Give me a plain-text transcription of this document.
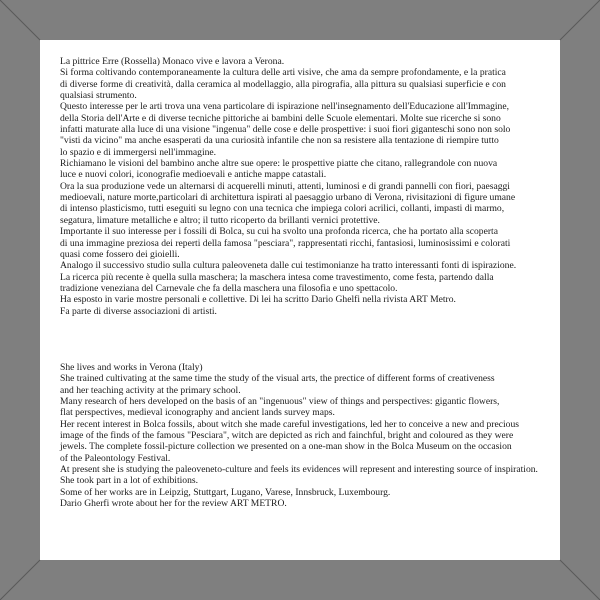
La pittrice Erre (Rossella) Monaco vive e lavora a Verona.

Si forma coltivando contemporaneamente la cultura delle arti visive, che ama da sempre profondamente, e la pratica

di diverse forme di creatività, dalla ceramica al modellaggio, alla pirografia, alla pittura su qualsiasi superficie e con

qualsiasi strumento.

Questo interesse per le arti trova una vena particolare di ispirazione nell'insegnamento dell'Educazione all'Immagine,

della Storia dell'Arte e di diverse tecniche pittoriche ai bambini delle Scuole elementari. Molte sue ricerche si sono

infatti maturate alla luce di una visione "ingenua" delle cose e delle prospettive: i suoi fiori giganteschi sono non solo

"visti da vicino" ma anche esasperati da una curiosità infantile che non sa resistere alla tentazione di riempire tutto

lo spazio e di immergersi nell'immagine.

Richiamano le visioni del bambino anche altre sue opere: le prospettive piatte che citano, rallegrandole con nuova

luce e nuovi colori, iconografie medioevali e antiche mappe catastali.

Ora la sua produzione vede un alternarsi di acquerelli minuti, attenti, luminosi e di grandi pannelli con fiori, paesaggi

medioevali, nature morte,particolari di architettura ispirati al paesaggio urbano di Verona, rivisitazioni di figure umane

di intenso plasticismo, tutti eseguiti su legno con una tecnica che impiega colori acrilici, collanti, impasti di marmo,

segatura, limature metalliche e altro; il tutto ricoperto da brillanti vernici protettive.

Importante il suo interesse per i fossili di Bolca, su cui ha svolto una profonda ricerca, che ha portato alla scoperta

di una immagine preziosa dei reperti della famosa "pesciara", rappresentati ricchi, fantasiosi, luminosissimi e colorati

quasi come fossero dei gioielli.

Analogo il successivo studio sulla cultura paleoveneta dalle cui testimonianze ha tratto interessanti fonti di ispirazione.

La ricerca più recente è quella sulla maschera; la maschera intesa come travestimento, come festa, partendo dalla

tradizione veneziana del Carnevale che fa della maschera una filosofia e uno spettacolo.

Ha esposto in varie mostre personali e collettive. Di lei ha scritto Dario Ghelfi nella rivista ART Metro.

Fa parte di diverse associazioni di artisti.

She lives and works in Verona (Italy)

She trained cultivating at the same time the study of the visual arts, the prectice of different forms of creativeness

and her teaching activity at the primary school.

Many research of hers developed on the basis of an "ingenuous" view of things and perspectives: gigantic flowers,

flat perspectives, medieval iconography and ancient lands survey maps.

Her recent interest in Bolca fossils, about witch she made careful investigations, led her to conceive a new and precious

image of the finds of the famous "Pesciara", witch are depicted as rich and fainchful, bright and coloured as they were

jewels. The complete fossil-picture collection we presented on a one-man show in the Bolca Museum on the occasion

of the Paleontology Festival.

At present she is studying the paleoveneto-culture and feels its evidences will represent and interesting source of inspiration.

She took part in a lot of exhibitions.

Some of her works are in Leipzig, Stuttgart, Lugano, Varese, Innsbruck, Luxembourg.

Dario Gherfi wrote about her for the review ART METRO.
